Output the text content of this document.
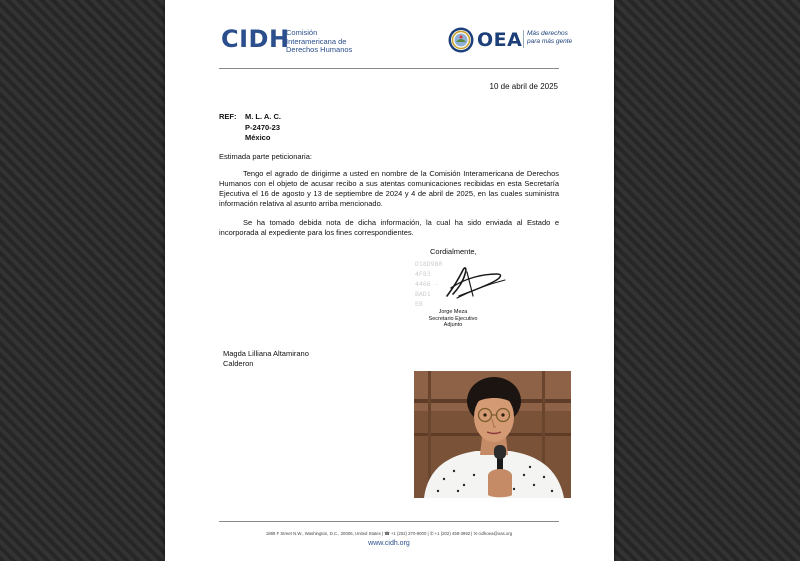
CIDH
Comisión
Interamericana de
Derechos Humanos	OEA Más derechos
para más gente
10 de abril de 2025
REF: M. L. A. C.
P-2470-23
México
Estimada parte peticionaria:
Tengo el agrado de dirigirme a usted en nombre de la Comisión Interamericana de Derechos Humanos con el objeto de acusar recibo a sus atentas comunicaciones recibidas en esta Secretaría Ejecutiva el 16 de agosto y 13 de septiembre de 2024 y 4 de abril de 2025, en las cuales suministra información relativa al asunto arriba mencionado.
Se ha tomado debida nota de dicha información, la cual ha sido enviada al Estado e incorporada al expediente para los fines correspondientes.
Cordialmente,
D18D9B0
4F83
4466 -
BAD1
EB
Jorge Meza
Secretario Ejecutivo
Adjunto
Magda Lilliana Altamirano
Calderon
1889 F Street N.W., Washington, D.C., 20006, United States | ☎ +1 (202) 370-9000 | ✆ +1 (202) 458-3992 | ✉ cidhoea@oas.org
www.cidh.org
